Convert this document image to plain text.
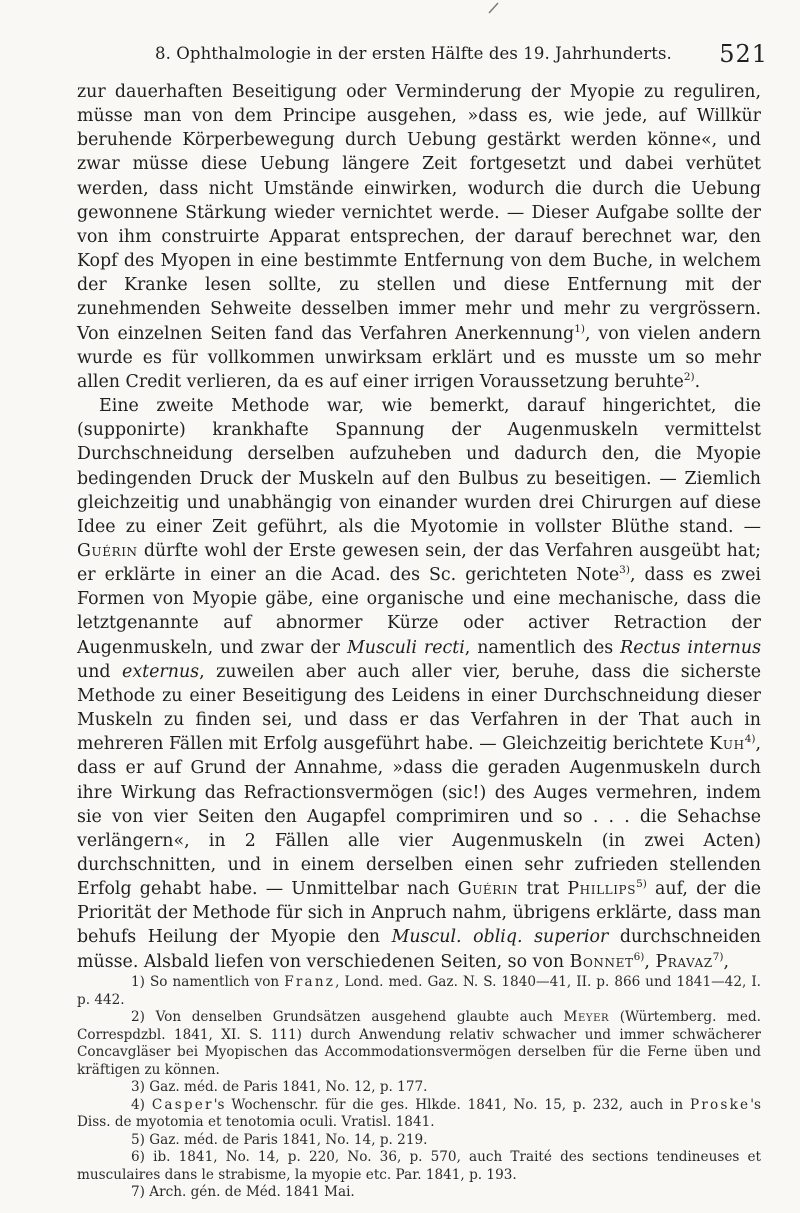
8. Ophthalmologie in der ersten Hälfte des 19. Jahrhunderts. 521

zur dauerhaften Beseitigung oder Verminderung der Myopie zu reguliren, müsse man von dem Principe ausgehen, »dass es, wie jede, auf Willkür beruhende Körperbewegung durch Uebung gestärkt werden könne«, und zwar müsse diese Uebung längere Zeit fortgesetzt und dabei verhütet werden, dass nicht Umstände einwirken, wodurch die durch die Uebung gewonnene Stärkung wieder vernichtet werde. — Dieser Aufgabe sollte der von ihm construirte Apparat entsprechen, der darauf berechnet war, den Kopf des Myopen in eine bestimmte Entfernung von dem Buche, in welchem der Kranke lesen sollte, zu stellen und diese Entfernung mit der zunehmenden Sehweite desselben immer mehr und mehr zu vergrössern. Von einzelnen Seiten fand das Verfahren Anerkennung$^{1)}$, von vielen andern wurde es für vollkommen unwirksam erklärt und es musste um so mehr allen Credit verlieren, da es auf einer irrigen Voraussetzung beruhte$^{2)}$.

Eine zweite Methode war, wie bemerkt, darauf hingerichtet, die (supponirte) krankhafte Spannung der Augenmuskeln vermittelst Durchschneidung derselben aufzuheben und dadurch den, die Myopie bedingenden Druck der Muskeln auf den Bulbus zu beseitigen. — Ziemlich gleichzeitig und unabhängig von einander wurden drei Chirurgen auf diese Idee zu einer Zeit geführt, als die Myotomie in vollster Blüthe stand. — Guérin dürfte wohl der Erste gewesen sein, der das Verfahren ausgeübt hat; er erklärte in einer an die Acad. des Sc. gerichteten Note$^{3)}$, dass es zwei Formen von Myopie gäbe, eine organische und eine mechanische, dass die letztgenannte auf abnormer Kürze oder activer Retraction der Augenmuskeln, und zwar der Musculi recti, namentlich des Rectus internus und externus, zuweilen aber auch aller vier, beruhe, dass die sicherste Methode zu einer Beseitigung des Leidens in einer Durchschneidung dieser Muskeln zu finden sei, und dass er das Verfahren in der That auch in mehreren Fällen mit Erfolg ausgeführt habe. — Gleichzeitig berichtete Kuh$^{4)}$, dass er auf Grund der Annahme, »dass die geraden Augenmuskeln durch ihre Wirkung das Refractionsvermögen (sic!) des Auges vermehren, indem sie von vier Seiten den Augapfel comprimiren und so . . . die Sehachse verlängern«, in 2 Fällen alle vier Augenmuskeln (in zwei Acten) durchschnitten, und in einem derselben einen sehr zufrieden stellenden Erfolg gehabt habe. — Unmittelbar nach Guérin trat Phillips$^{5)}$ auf, der die Priorität der Methode für sich in Anpruch nahm, übrigens erklärte, dass man behufs Heilung der Myopie den Muscul. obliq. superior durchschneiden müsse. Alsbald liefen von verschiedenen Seiten, so von Bonnet$^{6)}$, Pravaz$^{7)}$,

1) So namentlich von Franz, Lond. med. Gaz. N. S. 1840—41, II. p. 866 und 1841—42, I. p. 442.

2) Von denselben Grundsätzen ausgehend glaubte auch Meyer (Würtemberg. med. Correspdzbl. 1841, XI. S. 111) durch Anwendung relativ schwacher und immer schwächerer Concavgläser bei Myopischen das Accommodationsvermögen derselben für die Ferne üben und kräftigen zu können.

3) Gaz. méd. de Paris 1841, No. 12, p. 177.

4) Casper's Wochenschr. für die ges. Hlkde. 1841, No. 15, p. 232, auch in Proske's Diss. de myotomia et tenotomia oculi. Vratisl. 1841.

5) Gaz. méd. de Paris 1841, No. 14, p. 219.

6) ib. 1841, No. 14, p. 220, No. 36, p. 570, auch Traité des sections tendineuses et musculaires dans le strabisme, la myopie etc. Par. 1841, p. 193.

7) Arch. gén. de Méd. 1841 Mai.
